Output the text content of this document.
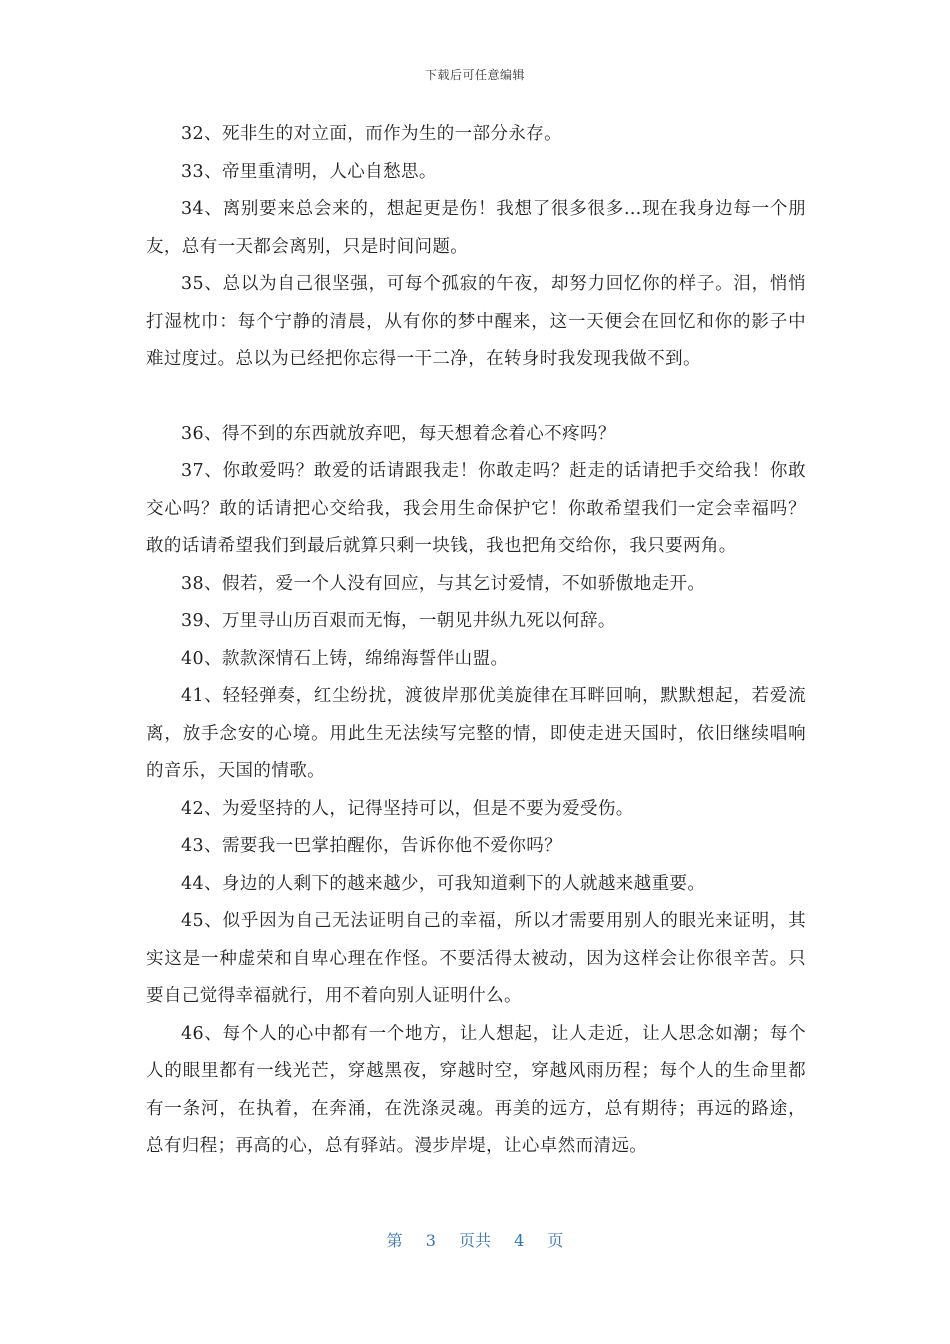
下载后可任意编辑

32、死非生的对立面，而作为生的一部分永存。

33、帝里重清明，人心自愁思。

34、离别要来总会来的，想起更是伤！我想了很多很多…现在我身边每一个朋友，总有一天都会离别，只是时间问题。

35、总以为自己很坚强，可每个孤寂的午夜，却努力回忆你的样子。泪，悄悄打湿枕巾：每个宁静的清晨，从有你的梦中醒来，这一天便会在回忆和你的影子中难过度过。总以为已经把你忘得一干二净，在转身时我发现我做不到。

36、得不到的东西就放弃吧，每天想着念着心不疼吗？

37、你敢爱吗？敢爱的话请跟我走！你敢走吗？赶走的话请把手交给我！你敢交心吗？敢的话请把心交给我，我会用生命保护它！你敢希望我们一定会幸福吗？敢的话请希望我们到最后就算只剩一块钱，我也把角交给你，我只要两角。

38、假若，爱一个人没有回应，与其乞讨爱情，不如骄傲地走开。

39、万里寻山历百艰而无悔，一朝见井纵九死以何辞。

40、款款深情石上铸，绵绵海誓伴山盟。

41、轻轻弹奏，红尘纷扰，渡彼岸那优美旋律在耳畔回响，默默想起，若爱流离，放手念安的心境。用此生无法续写完整的情，即使走进天国时，依旧继续唱响的音乐，天国的情歌。

42、为爱坚持的人，记得坚持可以，但是不要为爱受伤。

43、需要我一巴掌拍醒你，告诉你他不爱你吗？

44、身边的人剩下的越来越少，可我知道剩下的人就越来越重要。

45、似乎因为自己无法证明自己的幸福，所以才需要用别人的眼光来证明，其实这是一种虚荣和自卑心理在作怪。不要活得太被动，因为这样会让你很辛苦。只要自己觉得幸福就行，用不着向别人证明什么。

46、每个人的心中都有一个地方，让人想起，让人走近，让人思念如潮；每个人的眼里都有一线光芒，穿越黑夜，穿越时空，穿越风雨历程；每个人的生命里都有一条河，在执着，在奔涌，在洗涤灵魂。再美的远方，总有期待；再远的路途，总有归程；再高的心，总有驿站。漫步岸堤，让心卓然而清远。

第 3 页共 4 页
